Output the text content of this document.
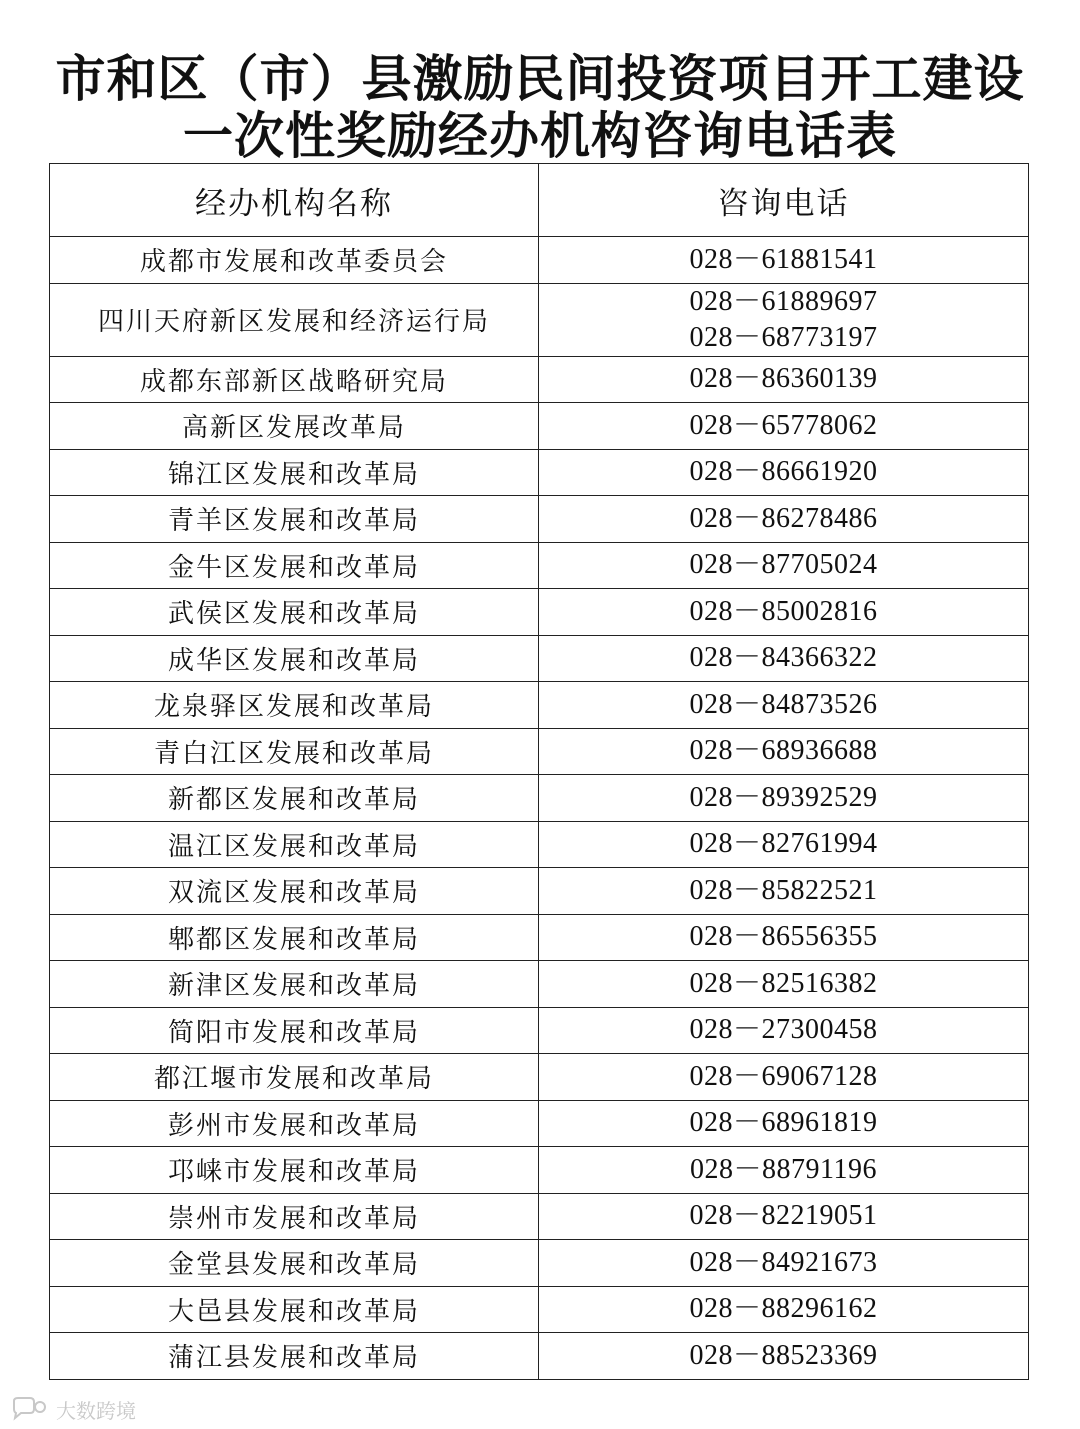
市和区（市）县激励民间投资项目开工建设
一次性奖励经办机构咨询电话表
经办机构名称	咨询电话
成都市发展和改革委员会	028－61881541

四川天府新区发展和经济运行局	028－61889697
028－68773197

成都东部新区战略研究局	028－86360139

高新区发展改革局	028－65778062

锦江区发展和改革局	028－86661920

青羊区发展和改革局	028－86278486

金牛区发展和改革局	028－87705024

武侯区发展和改革局	028－85002816

成华区发展和改革局	028－84366322

龙泉驿区发展和改革局	028－84873526

青白江区发展和改革局	028－68936688

新都区发展和改革局	028－89392529

温江区发展和改革局	028－82761994

双流区发展和改革局	028－85822521

郫都区发展和改革局	028－86556355

新津区发展和改革局	028－82516382

简阳市发展和改革局	028－27300458

都江堰市发展和改革局	028－69067128

彭州市发展和改革局	028－68961819

邛崃市发展和改革局	028－88791196

崇州市发展和改革局	028－82219051

金堂县发展和改革局	028－84921673

大邑县发展和改革局	028－88296162

蒲江县发展和改革局	028－88523369
大数跨境
